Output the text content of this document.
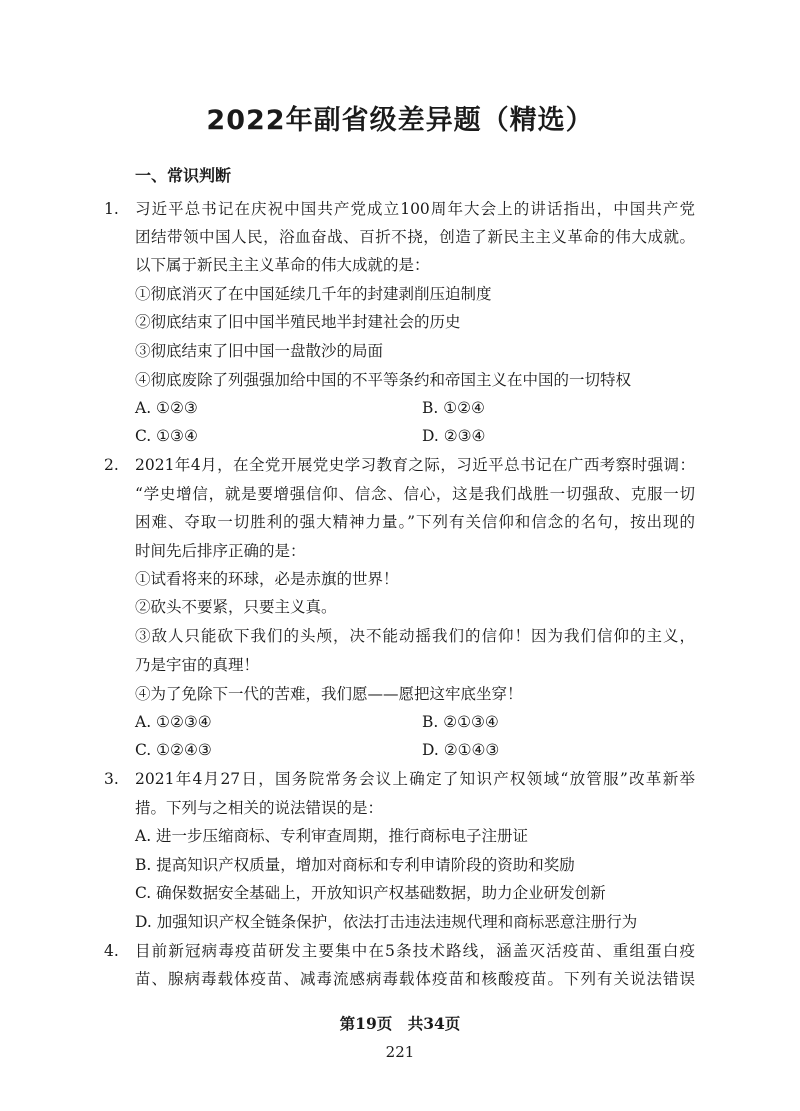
2022年副省级差异题（精选）
一、常识判断
1. 习近平总书记在庆祝中国共产党成立100周年大会上的讲话指出，中国共产党
团结带领中国人民，浴血奋战、百折不挠，创造了新民主主义革命的伟大成就。
以下属于新民主主义革命的伟大成就的是：
①彻底消灭了在中国延续几千年的封建剥削压迫制度
②彻底结束了旧中国半殖民地半封建社会的历史
③彻底结束了旧中国一盘散沙的局面
④彻底废除了列强强加给中国的不平等条约和帝国主义在中国的一切特权
A. ①②③	B. ①②④
C. ①③④	D. ②③④
2. 2021年4月，在全党开展党史学习教育之际，习近平总书记在广西考察时强调：
“学史增信，就是要增强信仰、信念、信心，这是我们战胜一切强敌、克服一切
困难、夺取一切胜利的强大精神力量。”下列有关信仰和信念的名句，按出现的
时间先后排序正确的是：
①试看将来的环球，必是赤旗的世界！
②砍头不要紧，只要主义真。
③敌人只能砍下我们的头颅，决不能动摇我们的信仰！因为我们信仰的主义，
乃是宇宙的真理！
④为了免除下一代的苦难，我们愿——愿把这牢底坐穿！
A. ①②③④	B. ②①③④
C. ①②④③	D. ②①④③
3. 2021年4月27日，国务院常务会议上确定了知识产权领域“放管服”改革新举
措。下列与之相关的说法错误的是：
A. 进一步压缩商标、专利审查周期，推行商标电子注册证
B. 提高知识产权质量，增加对商标和专利申请阶段的资助和奖励
C. 确保数据安全基础上，开放知识产权基础数据，助力企业研发创新
D. 加强知识产权全链条保护，依法打击违法违规代理和商标恶意注册行为
4. 目前新冠病毒疫苗研发主要集中在5条技术路线，涵盖灭活疫苗、重组蛋白疫
苗、腺病毒载体疫苗、减毒流感病毒载体疫苗和核酸疫苗。下列有关说法错误
第19页　共34页
221
